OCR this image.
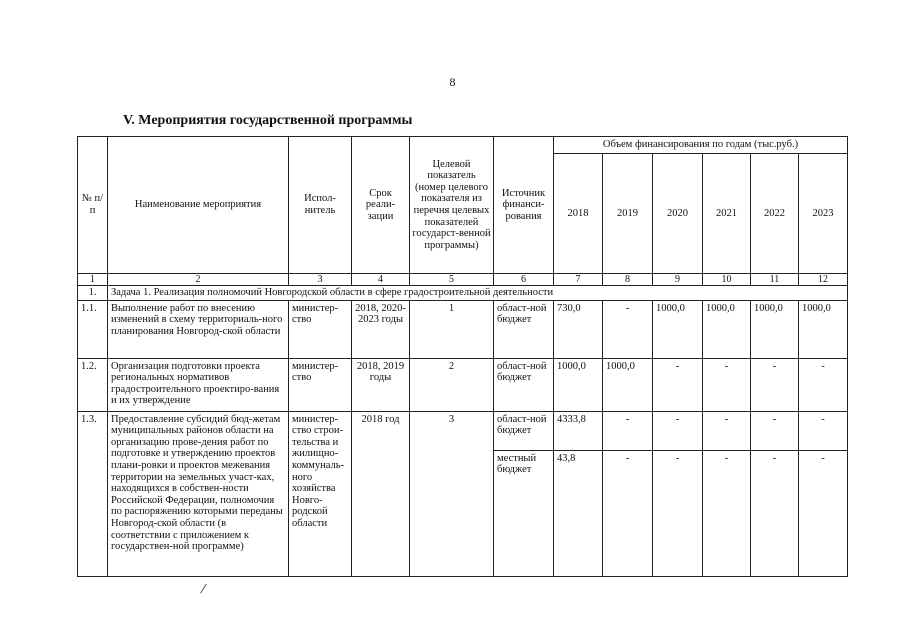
8
V. Мероприятия государственной программы
№ п/п	Наименование мероприятия	Испол-нитель	Срок реали-зации	Целевой показатель (номер целевого показателя из перечня целевых показателей государст-венной программы)	Источник финанси-рования	Объем финансирования по годам (тыс.руб.)					
						2018	2019	2020	2021	2022	2023
1	2	3	4	5	6	7	8	9	10	11	12
1.	Задача 1. Реализация полномочий Новгородской области в сфере градостроительной деятельности										
1.1.	Выполнение работ по внесению изменений в схему территориаль-ного планирования Новгород-ской области	министер-ство	2018, 2020-2023 годы	1	област-ной бюджет	730,0	-	1000,0	1000,0	1000,0	1000,0
1.2.	Организация подготовки проекта региональных нормативов градостроительного проектиро-вания и их утверждение	министер-ство	2018, 2019 годы	2	област-ной бюджет	1000,0	1000,0	-	-	-	-
1.3.	Предоставление субсидий бюд-жетам муниципальных районов области на организацию прове-дения работ по подготовке и утверждению проектов плани-ровки и проектов межевания территории на земельных участ-ках, находящихся в собствен-ности Российской Федерации, полномочия по распоряжению которыми переданы Новгород-ской области (в соответствии с приложением к государствен-ной программе)	министер-ство строи-тельства и жилищно-коммуналь-ного хозяйства Новго-родской области	2018 год	3	област-ной бюджет	4333,8	-	-	-	-	-
					местный бюджет	43,8	-	-	-	-	-
